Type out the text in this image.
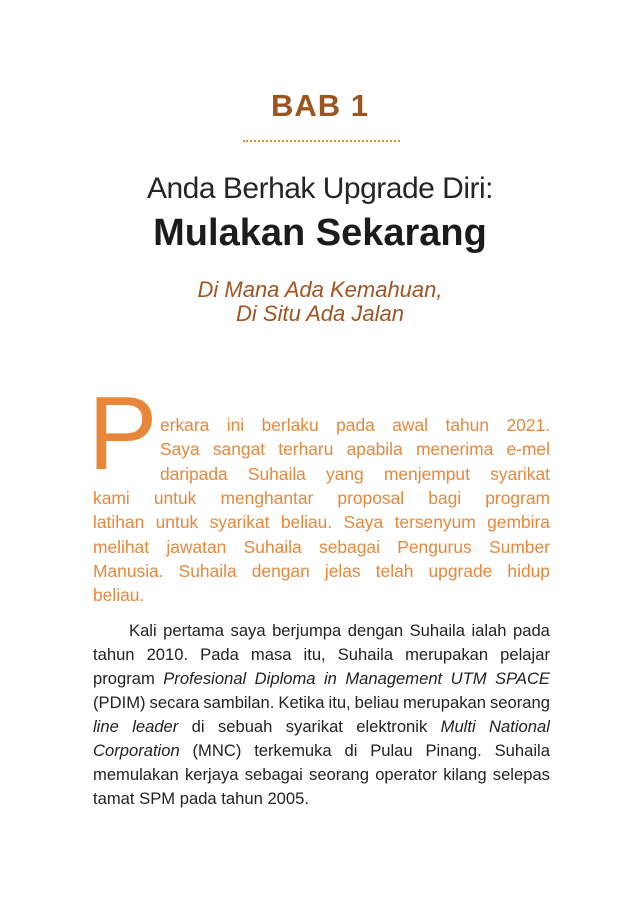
BAB 1
Anda Berhak Upgrade Diri:
Mulakan Sekarang
Di Mana Ada Kemahuan,
Di Situ Ada Jalan
P erkara ini berlaku pada awal tahun 2021.
Saya sangat terharu apabila menerima e-mel
daripada Suhaila yang menjemput syarikat
kami untuk menghantar proposal bagi program
latihan untuk syarikat beliau. Saya tersenyum gembira
melihat jawatan Suhaila sebagai Pengurus Sumber
Manusia. Suhaila dengan jelas telah upgrade hidup
beliau.
Kali pertama saya berjumpa dengan Suhaila ialah pada
tahun 2010. Pada masa itu, Suhaila merupakan pelajar
program Profesional Diploma in Management UTM SPACE
(PDIM) secara sambilan. Ketika itu, beliau merupakan seorang
line leader di sebuah syarikat elektronik Multi National
Corporation (MNC) terkemuka di Pulau Pinang. Suhaila
memulakan kerjaya sebagai seorang operator kilang selepas
tamat SPM pada tahun 2005.
